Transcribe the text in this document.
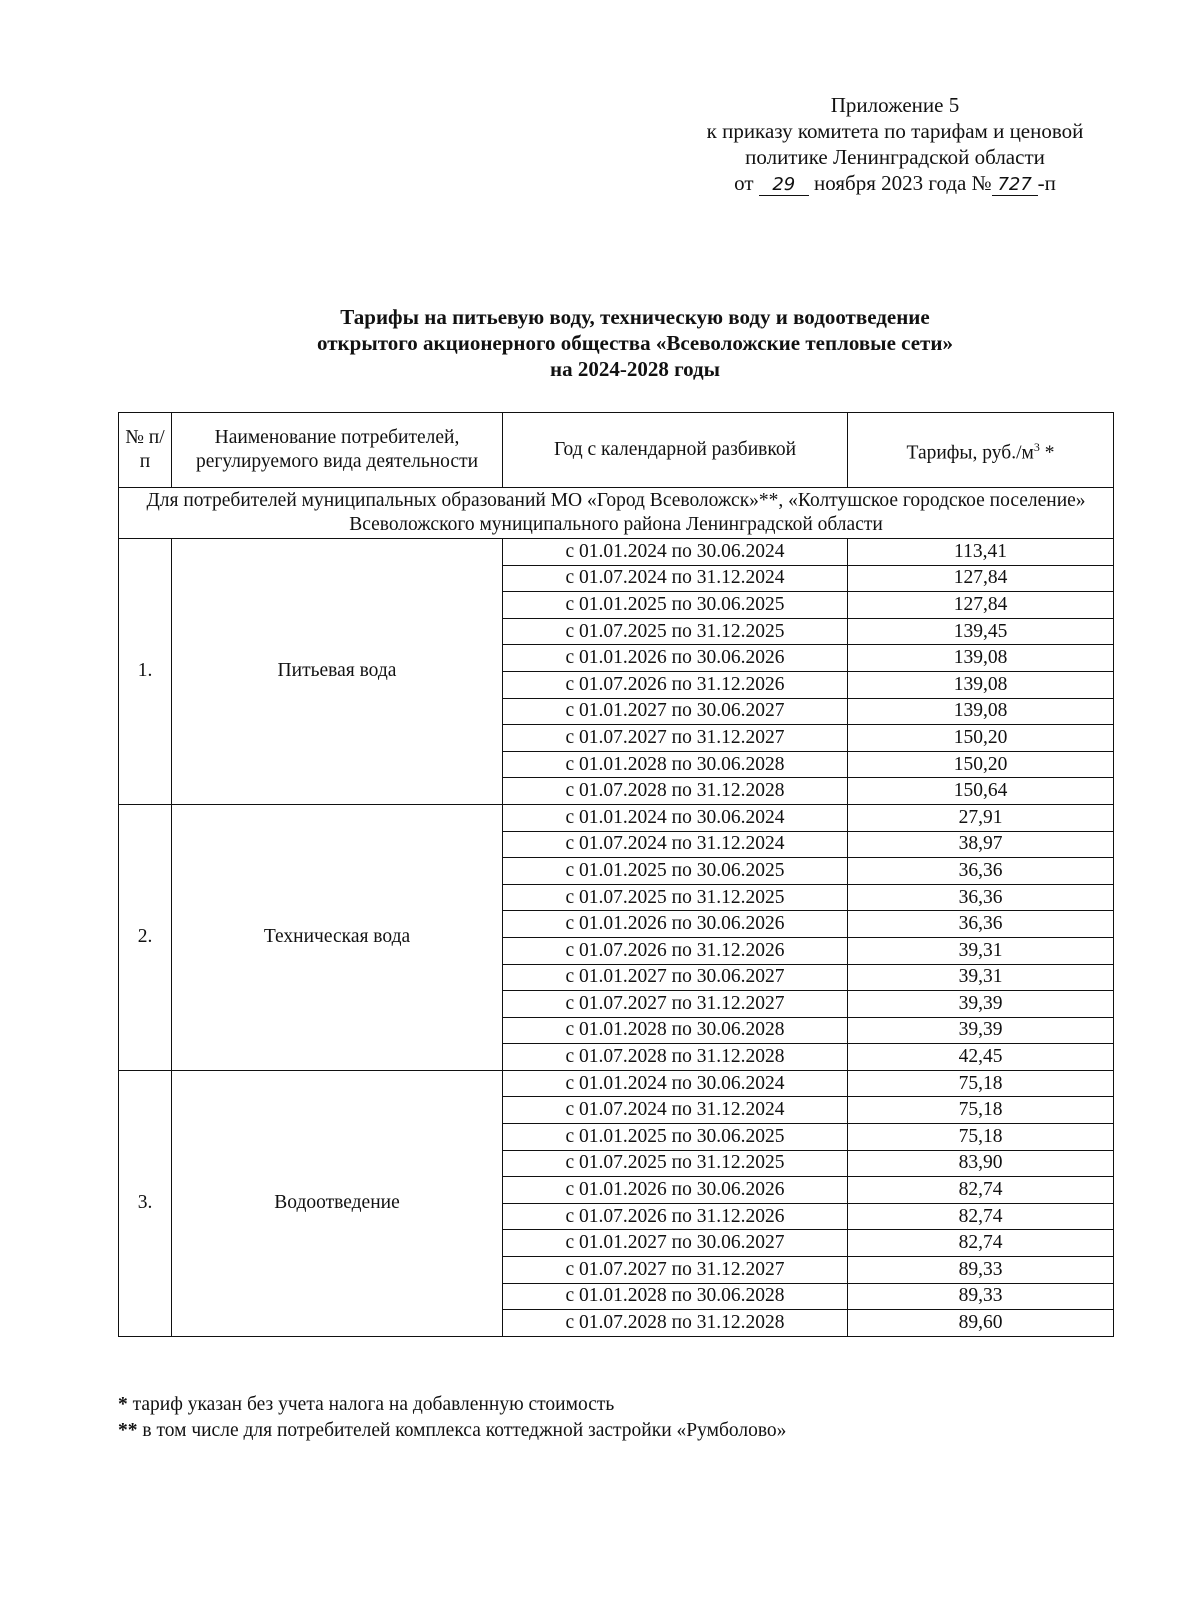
Приложение 5
к приказу комитета по тарифам и ценовой
политике Ленинградской области
от 29 ноября 2023 года № 727 -п
Тарифы на питьевую воду, техническую воду и водоотведение
открытого акционерного общества «Всеволожские тепловые сети»
на 2024-2028 годы
№ п/п	Наименование потребителей, регулируемого вида деятельности	Год с календарной разбивкой	Тарифы, $руб./м^3$ *
Для потребителей муниципальных образований МО «Город Всеволожск»**, «Колтушское городское поселение» Всеволожского муниципального района Ленинградской области			
1.	Питьевая вода	с 01.01.2024 по 30.06.2024	113,41
		с 01.07.2024 по 31.12.2024	127,84
		с 01.01.2025 по 30.06.2025	127,84
		с 01.07.2025 по 31.12.2025	139,45
		с 01.01.2026 по 30.06.2026	139,08
		с 01.07.2026 по 31.12.2026	139,08
		с 01.01.2027 по 30.06.2027	139,08
		с 01.07.2027 по 31.12.2027	150,20
		с 01.01.2028 по 30.06.2028	150,20
		с 01.07.2028 по 31.12.2028	150,64
2.	Техническая вода	с 01.01.2024 по 30.06.2024	27,91
		с 01.07.2024 по 31.12.2024	38,97
		с 01.01.2025 по 30.06.2025	36,36
		с 01.07.2025 по 31.12.2025	36,36
		с 01.01.2026 по 30.06.2026	36,36
		с 01.07.2026 по 31.12.2026	39,31
		с 01.01.2027 по 30.06.2027	39,31
		с 01.07.2027 по 31.12.2027	39,39
		с 01.01.2028 по 30.06.2028	39,39
		с 01.07.2028 по 31.12.2028	42,45
3.	Водоотведение	с 01.01.2024 по 30.06.2024	75,18
		с 01.07.2024 по 31.12.2024	75,18
		с 01.01.2025 по 30.06.2025	75,18
		с 01.07.2025 по 31.12.2025	83,90
		с 01.01.2026 по 30.06.2026	82,74
		с 01.07.2026 по 31.12.2026	82,74
		с 01.01.2027 по 30.06.2027	82,74
		с 01.07.2027 по 31.12.2027	89,33
		с 01.01.2028 по 30.06.2028	89,33
		с 01.07.2028 по 31.12.2028	89,60
* тариф указан без учета налога на добавленную стоимость
** в том числе для потребителей комплекса коттеджной застройки «Румболово»
